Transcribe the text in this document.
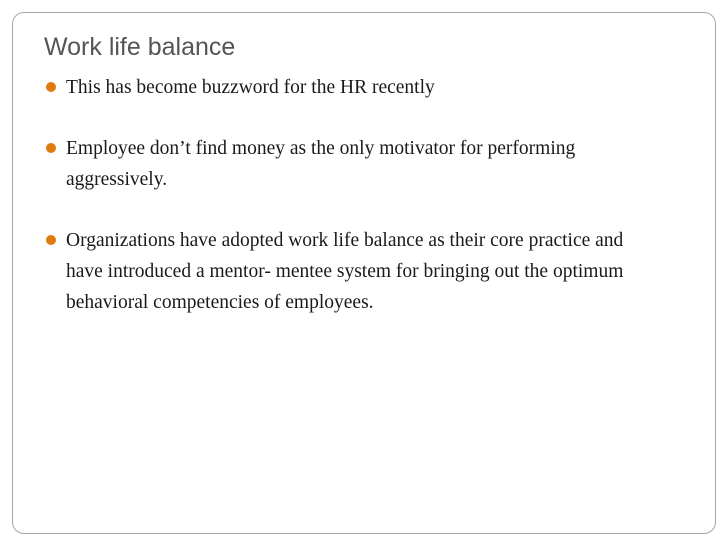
Work life balance
This has become buzzword for the HR recently
Employee don’t find money as the only motivator for performing aggressively.
Organizations have adopted work life balance as their core practice and have introduced a mentor- mentee system for bringing out the optimum behavioral competencies of employees.
